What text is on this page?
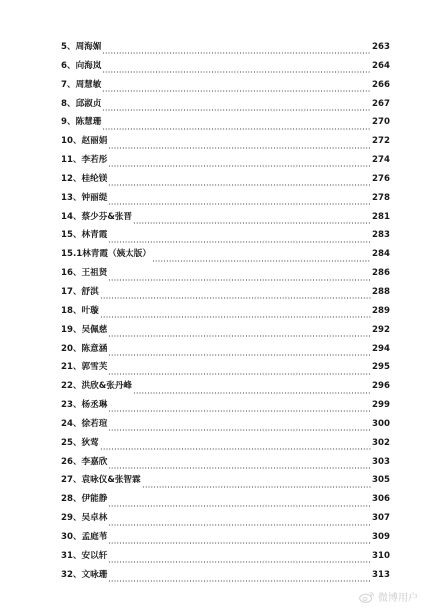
5、周海媚	263
6、向海岚	264
7、周慧敏	266
8、邱淑贞	267
9、陈慧珊	270
10、赵丽娟	272
11、李若彤	274
12、桂纶镁	276
13、钟丽缇	278
14、蔡少芬&张晋	281
15、林青霞	283
15.1林青霞（姨太版）	284
16、王祖贤	286
17、舒淇	288
18、叶璇	289
19、吴佩慈	292
20、陈意涵	294
21、郭雪芙	295
22、洪欣&张丹峰	296
23、杨丞琳	299
24、徐若瑄	300
25、狄莺	302
26、李嘉欣	303
27、袁咏仪&张智霖	305
28、伊能静	306
29、吴卓林	307
30、孟庭苇	309
31、安以轩	310
32、文咏珊	313
微博用户
